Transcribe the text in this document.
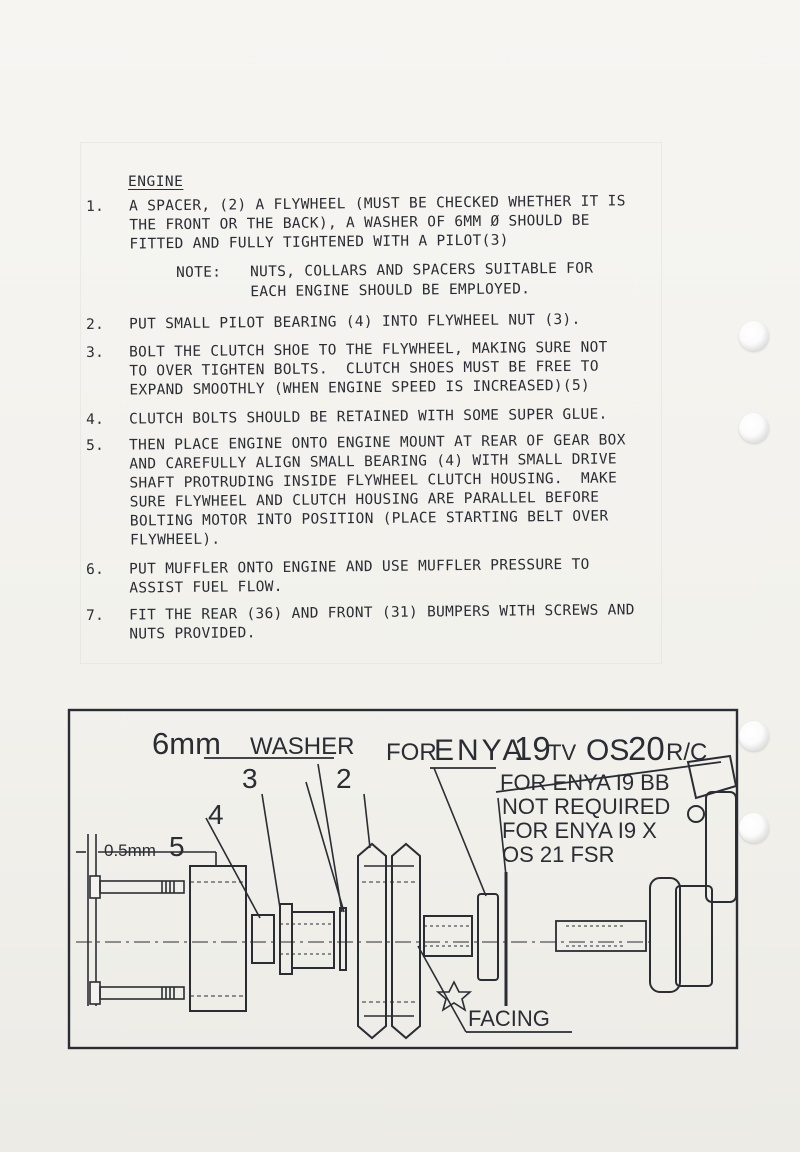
ENGINE
1.	A SPACER, (2) A FLYWHEEL (MUST BE CHECKED WHETHER IT IS
THE FRONT OR THE BACK), A WASHER OF 6MM Ø SHOULD BE
FITTED AND FULLY TIGHTENED WITH A PILOT(3)
NOTE: NUTS, COLLARS AND SPACERS SUITABLE FOR
EACH ENGINE SHOULD BE EMPLOYED.
2.	PUT SMALL PILOT BEARING (4) INTO FLYWHEEL NUT (3).
3.	BOLT THE CLUTCH SHOE TO THE FLYWHEEL, MAKING SURE NOT
TO OVER TIGHTEN BOLTS.  CLUTCH SHOES MUST BE FREE TO
EXPAND SMOOTHLY (WHEN ENGINE SPEED IS INCREASED)(5)
4.	CLUTCH BOLTS SHOULD BE RETAINED WITH SOME SUPER GLUE.
5.	THEN PLACE ENGINE ONTO ENGINE MOUNT AT REAR OF GEAR BOX
AND CAREFULLY ALIGN SMALL BEARING (4) WITH SMALL DRIVE
SHAFT PROTRUDING INSIDE FLYWHEEL CLUTCH HOUSING.  MAKE
SURE FLYWHEEL AND CLUTCH HOUSING ARE PARALLEL BEFORE
BOLTING MOTOR INTO POSITION (PLACE STARTING BELT OVER
FLYWHEEL).
6.	PUT MUFFLER ONTO ENGINE AND USE MUFFLER PRESSURE TO
ASSIST FUEL FLOW.
7.	FIT THE REAR (36) AND FRONT (31) BUMPERS WITH SCREWS AND
NUTS PROVIDED.
6mm WASHER
3	2
4
5
0.5mm
FOR
ENYA
19
TV OS
20 R/C
FOR ENYA I9 BB
NOT REQUIRED
FOR ENYA I9 X
OS 21 FSR
FACING
